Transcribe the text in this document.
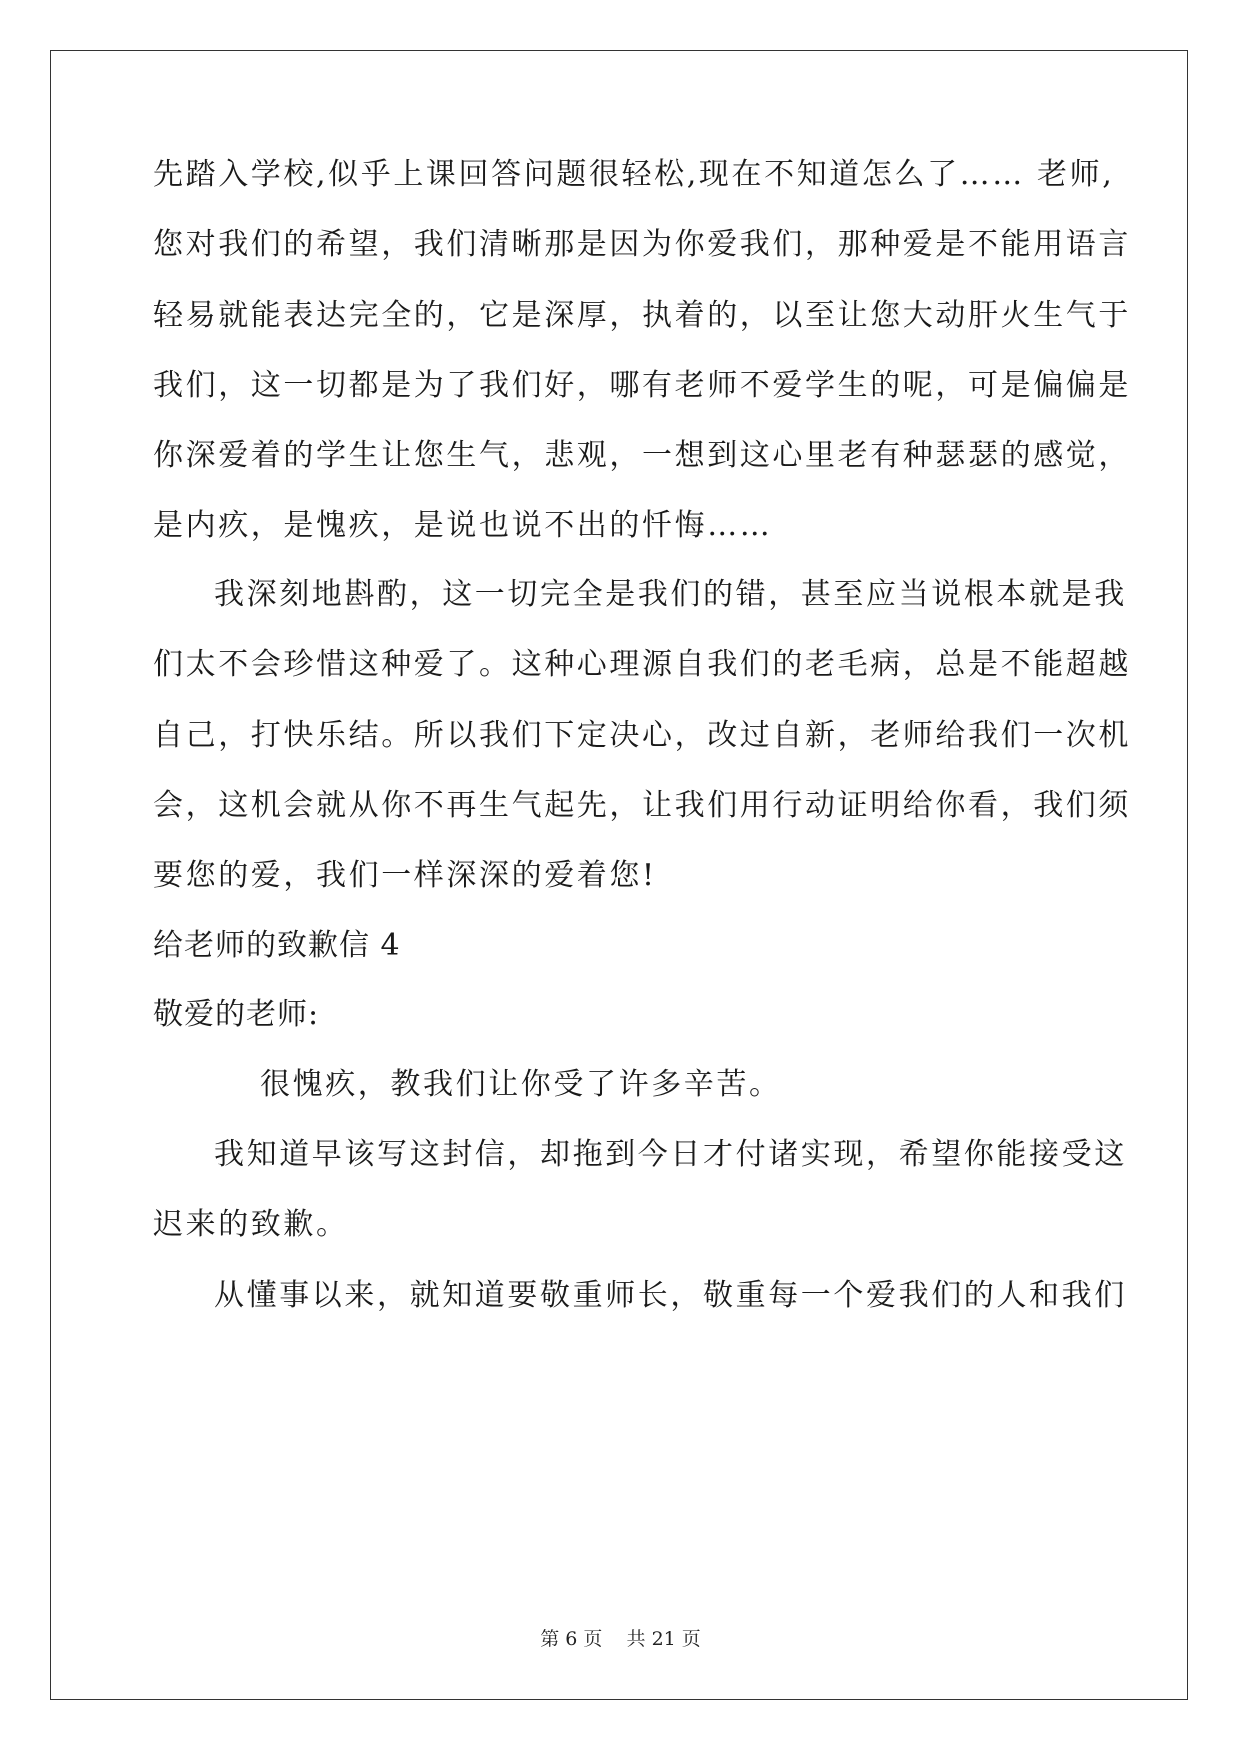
先踏入学校,似乎上课回答问题很轻松,现在不知道怎么了…… 老师,
您对我们的希望，我们清晰那是因为你爱我们，那种爱是不能用语言
轻易就能表达完全的，它是深厚，执着的，以至让您大动肝火生气于
我们，这一切都是为了我们好，哪有老师不爱学生的呢，可是偏偏是
你深爱着的学生让您生气，悲观，一想到这心里老有种瑟瑟的感觉，
是内疚，是愧疚，是说也说不出的忏悔……
我深刻地斟酌，这一切完全是我们的错，甚至应当说根本就是我
们太不会珍惜这种爱了。这种心理源自我们的老毛病，总是不能超越
自己，打快乐结。所以我们下定决心，改过自新，老师给我们一次机
会，这机会就从你不再生气起先，让我们用行动证明给你看，我们须
要您的爱，我们一样深深的爱着您!
给老师的致歉信 4
敬爱的老师:
很愧疚，教我们让你受了许多辛苦。
我知道早该写这封信，却拖到今日才付诸实现，希望你能接受这
迟来的致歉。
从懂事以来，就知道要敬重师长，敬重每一个爱我们的人和我们
第 6 页    共 21 页
